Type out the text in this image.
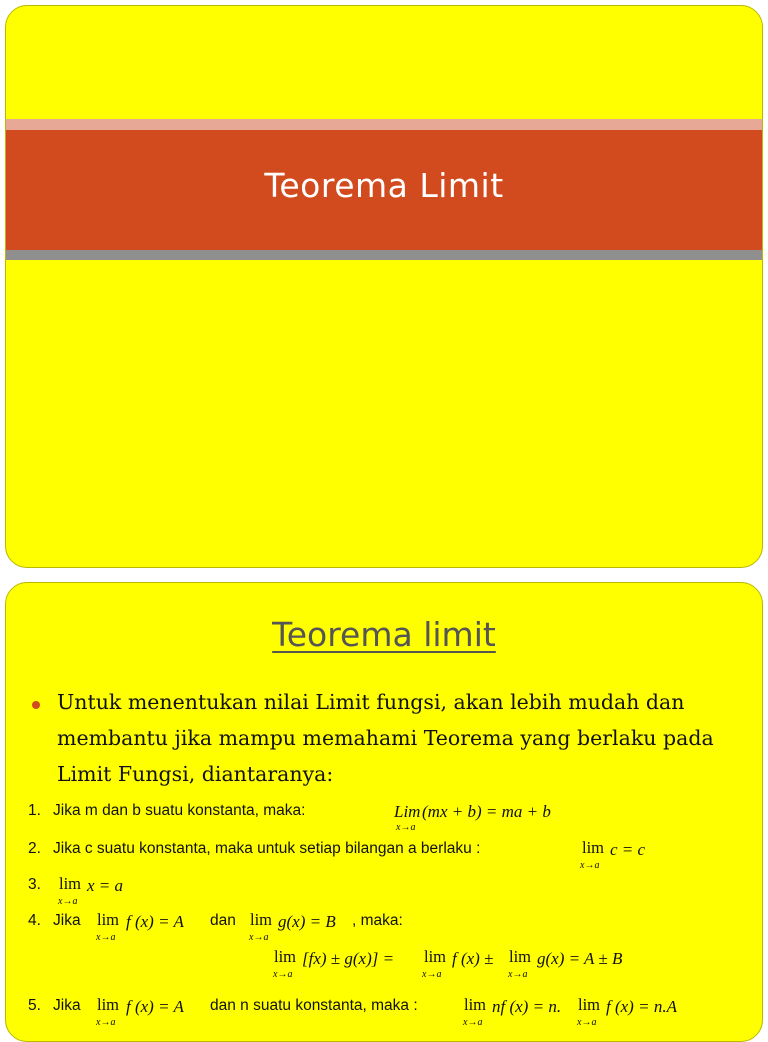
Teorema Limit
Teorema limit
Untuk menentukan nilai Limit fungsi, akan lebih mudah dan
membantu jika mampu memahami Teorema yang berlaku pada
Limit Fungsi, diantaranya:
1. Jika m dan b suatu konstanta, maka:	Lim (mx + b) = ma + b
x→a
2. Jika c suatu konstanta, maka untuk setiap bilangan a berlaku :	lim c = c
x→a
3. lim x = a
x→a
4. Jika lim f (x) = A
x→a
dan lim g(x) = B
x→a
, maka:
lim [fx) ± g(x)] =
x→a
lim f (x) ±
x→a
lim g(x) = A ± B
x→a
5. Jika lim f (x) = A
x→a
dan n suatu konstanta, maka :	lim nf (x) = n.
x→a
lim f (x) = n.A
x→a
